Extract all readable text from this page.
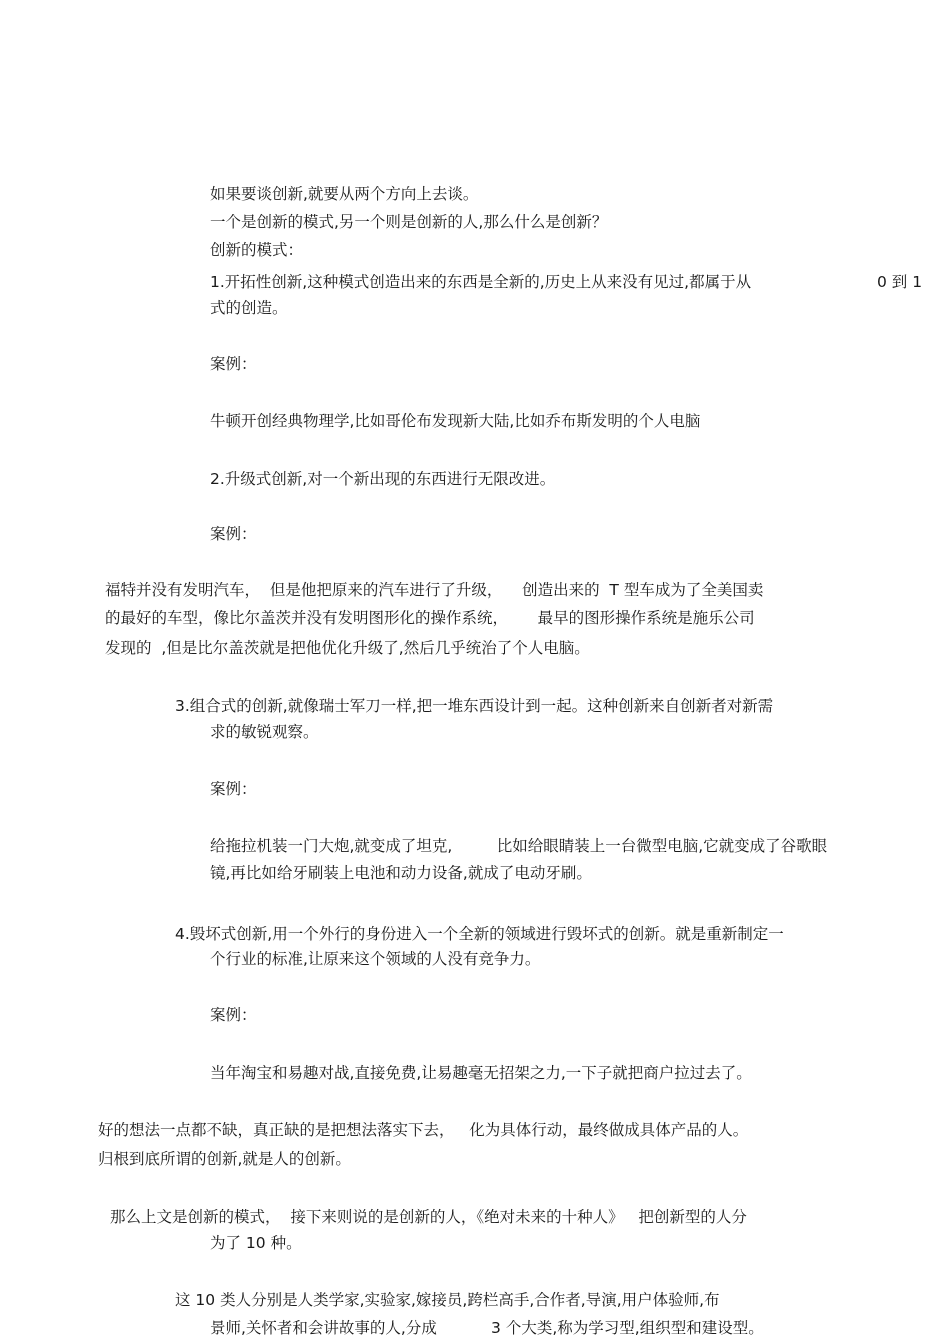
如果要谈创新,就要从两个方向上去谈。

一个是创新的模式,另一个则是创新的人,那么什么是创新？

创新的模式：

1.开拓性创新,这种模式创造出来的东西是全新的,历史上从来没有见过,都属于从	0 到 1

式的创造。

案例：

牛顿开创经典物理学,比如哥伦布发现新大陆,比如乔布斯发明的个人电脑

2.升级式创新,对一个新出现的东西进行无限改进。

案例：

福特并没有发明汽车，  但是他把原来的汽车进行了升级，    创造出来的  T 型车成为了全美国卖

的最好的车型，像比尔盖茨并没有发明图形化的操作系统，      最早的图形操作系统是施乐公司

发现的  ,但是比尔盖茨就是把他优化升级了,然后几乎统治了个人电脑。

3.组合式的创新,就像瑞士军刀一样,把一堆东西设计到一起。这种创新来自创新者对新需

求的敏锐观察。

案例：

给拖拉机装一门大炮,就变成了坦克,         比如给眼睛装上一台微型电脑,它就变成了谷歌眼

镜,再比如给牙刷装上电池和动力设备,就成了电动牙刷。

4.毁坏式创新,用一个外行的身份进入一个全新的领域进行毁坏式的创新。就是重新制定一

个行业的标准,让原来这个领域的人没有竞争力。

案例：

当年淘宝和易趣对战,直接免费,让易趣毫无招架之力,一下子就把商户拉过去了。

好的想法一点都不缺，真正缺的是把想法落实下去，   化为具体行动，最终做成具体产品的人。

归根到底所谓的创新,就是人的创新。

那么上文是创新的模式，  接下来则说的是创新的人，《绝对未来的十种人》   把创新型的人分

为了 10 种。

这 10 类人分别是人类学家,实验家,嫁接员,跨栏高手,合作者,导演,用户体验师,布

景师,关怀者和会讲故事的人,分成           3 个大类,称为学习型,组织型和建设型。
